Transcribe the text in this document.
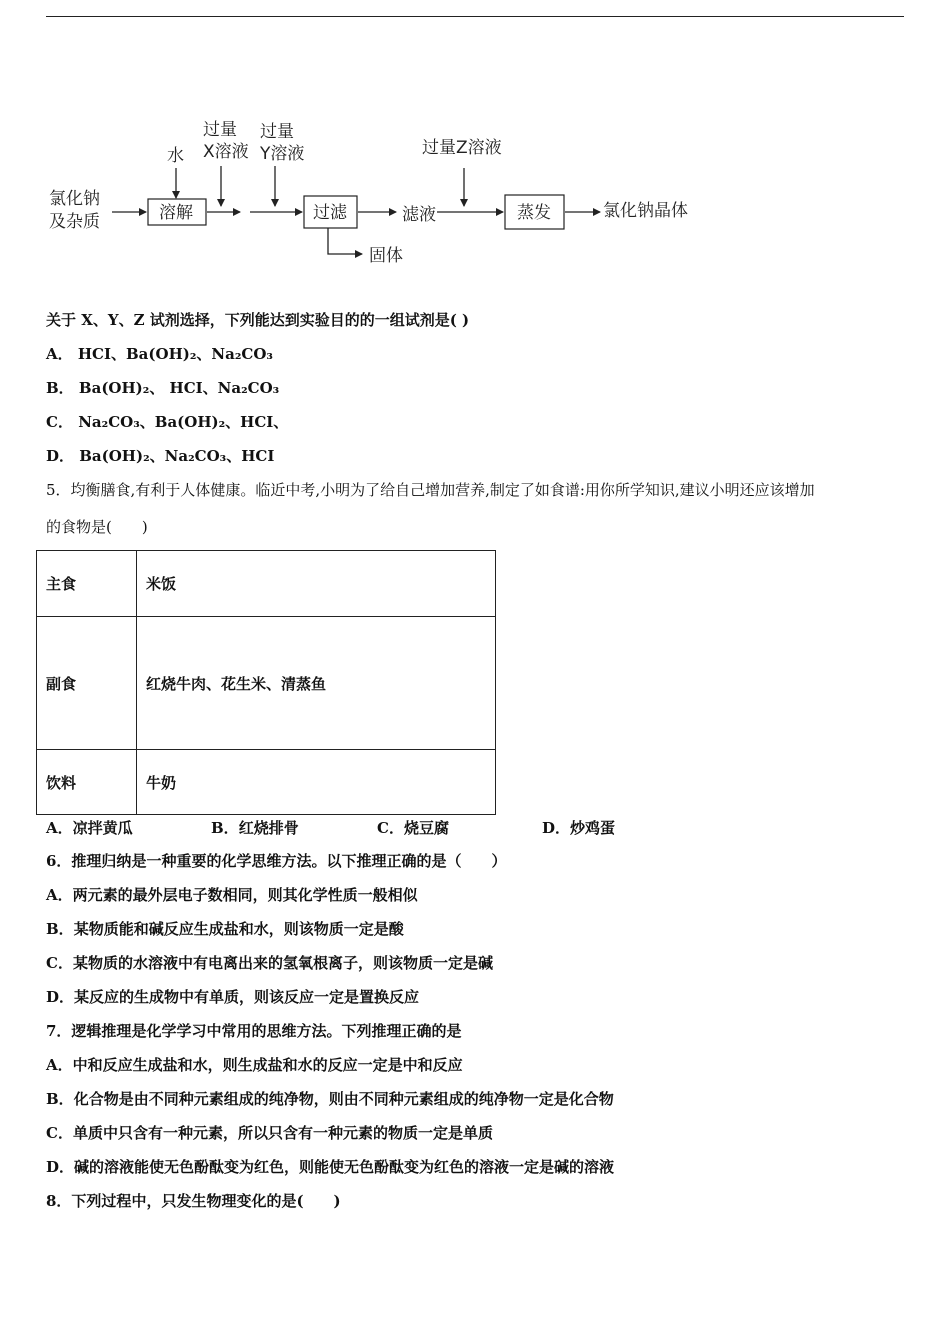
氯化钠
及杂质
水
过量
X溶液
过量
Y溶液	过量Z溶液
溶解	过滤	滤液	蒸发
固体
氯化钠晶体
关于 X、Y、Z 试剂选择，下列能达到实验目的的一组试剂是( )
A． HCI、Ba(OH)₂、Na₂CO₃
B． Ba(OH)₂、 HCI、Na₂CO₃
C． Na₂CO₃、Ba(OH)₂、HCI、
D． Ba(OH)₂、Na₂CO₃、HCI
5．均衡膳食,有利于人体健康。临近中考,小明为了给自己增加营养,制定了如食谱:用你所学知识,建议小明还应该增加
的食物是(　　)
主食	米饭
副食	红烧牛肉、花生米、清蒸鱼
饮料	牛奶
A．凉拌黄瓜	B．红烧排骨	C．烧豆腐	D．炒鸡蛋
6．推理归纳是一种重要的化学思维方法。以下推理正确的是（　　）
A．两元素的最外层电子数相同，则其化学性质一般相似
B．某物质能和碱反应生成盐和水，则该物质一定是酸
C．某物质的水溶液中有电离出来的氢氧根离子，则该物质一定是碱
D．某反应的生成物中有单质，则该反应一定是置换反应
7．逻辑推理是化学学习中常用的思维方法。下列推理正确的是
A．中和反应生成盐和水，则生成盐和水的反应一定是中和反应
B．化合物是由不同种元素组成的纯净物，则由不同种元素组成的纯净物一定是化合物
C．单质中只含有一种元素，所以只含有一种元素的物质一定是单质
D．碱的溶液能使无色酚酞变为红色，则能使无色酚酞变为红色的溶液一定是碱的溶液
8．下列过程中，只发生物理变化的是(　　)
